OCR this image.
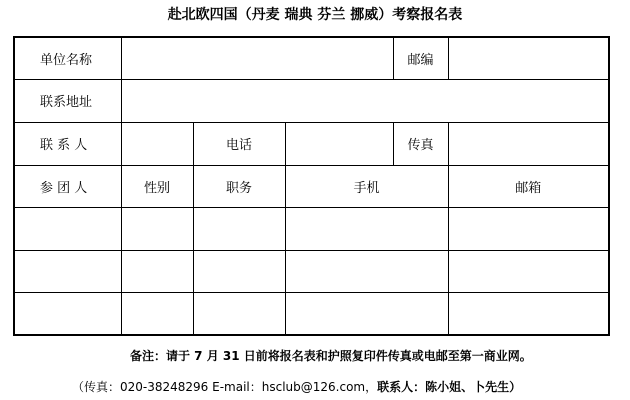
赴北欧四国（丹麦 瑞典 芬兰 挪威）考察报名表
单位名称				邮编	
联系地址					
联 系 人		电话		传真	
参 团 人	性别	职务	手机		邮箱

备注：请于 7 月 31 日前将报名表和护照复印件传真或电邮至第一商业网。
（传真：020-38248296 E-mail：hsclub@126.com，联系人：陈小姐、卜先生）
